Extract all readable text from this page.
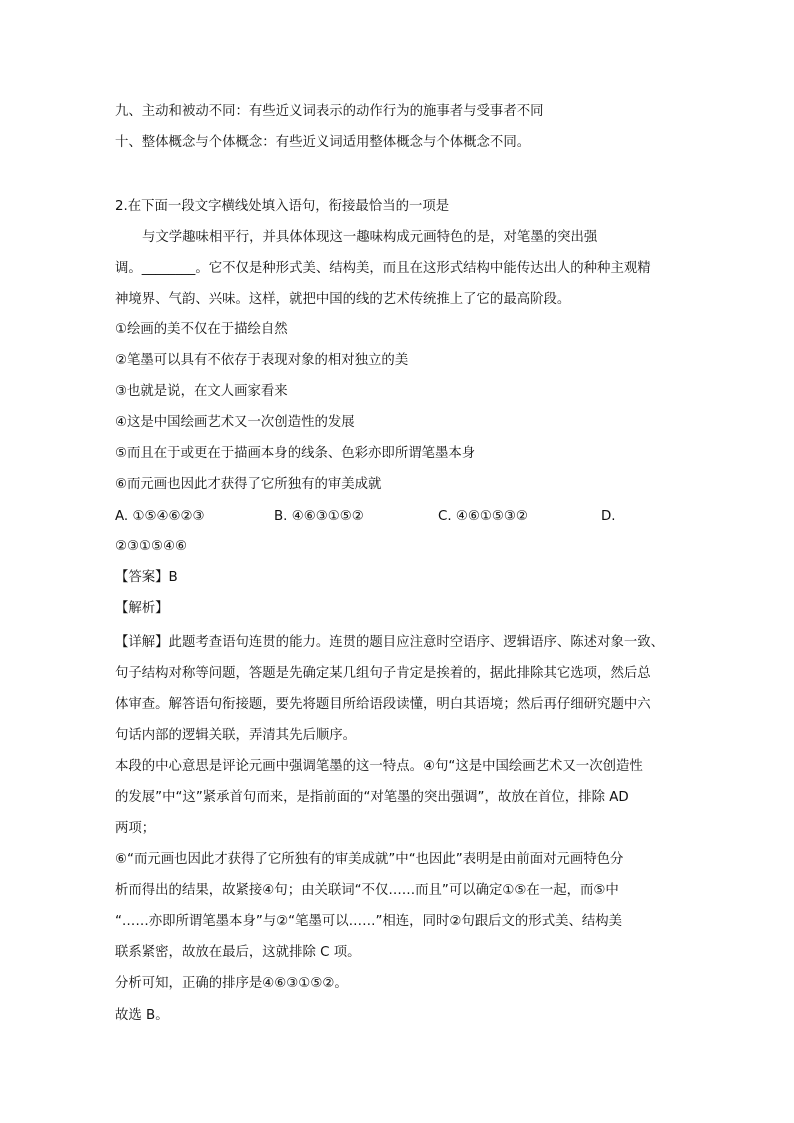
九、主动和被动不同：有些近义词表示的动作行为的施事者与受事者不同
十、整体概念与个体概念：有些近义词适用整体概念与个体概念不同。
2.在下面一段文字横线处填入语句，衔接最恰当的一项是
与文学趣味相平行，并具体体现这一趣味构成元画特色的是，对笔墨的突出强
调。________。它不仅是种形式美、结构美，而且在这形式结构中能传达出人的种种主观精
神境界、气韵、兴味。这样，就把中国的线的艺术传统推上了它的最高阶段。
①绘画的美不仅在于描绘自然
②笔墨可以具有不依存于表现对象的相对独立的美
③也就是说，在文人画家看来
④这是中国绘画艺术又一次创造性的发展
⑤而且在于或更在于描画本身的线条、色彩亦即所谓笔墨本身
⑥而元画也因此才获得了它所独有的审美成就
A. ①⑤④⑥②③	B. ④⑥③①⑤②	C. ④⑥①⑤③②	D.
②③①⑤④⑥
【答案】B
【解析】
【详解】此题考查语句连贯的能力。连贯的题目应注意时空语序、逻辑语序、陈述对象一致、
句子结构对称等问题，答题是先确定某几组句子肯定是挨着的，据此排除其它选项，然后总
体审查。解答语句衔接题，要先将题目所给语段读懂，明白其语境；然后再仔细研究题中六
句话内部的逻辑关联，弄清其先后顺序。
本段的中心意思是评论元画中强调笔墨的这一特点。④句“这是中国绘画艺术又一次创造性
的发展”中“这”紧承首句而来，是指前面的“对笔墨的突出强调”，故放在首位，排除 AD
两项；
⑥“而元画也因此才获得了它所独有的审美成就”中“也因此”表明是由前面对元画特色分
析而得出的结果，故紧接④句；由关联词“不仅……而且”可以确定①⑤在一起，而⑤中
“……亦即所谓笔墨本身”与②“笔墨可以……”相连，同时②句跟后文的形式美、结构美
联系紧密，故放在最后，这就排除 C 项。
分析可知，正确的排序是④⑥③①⑤②。
故选 B。
